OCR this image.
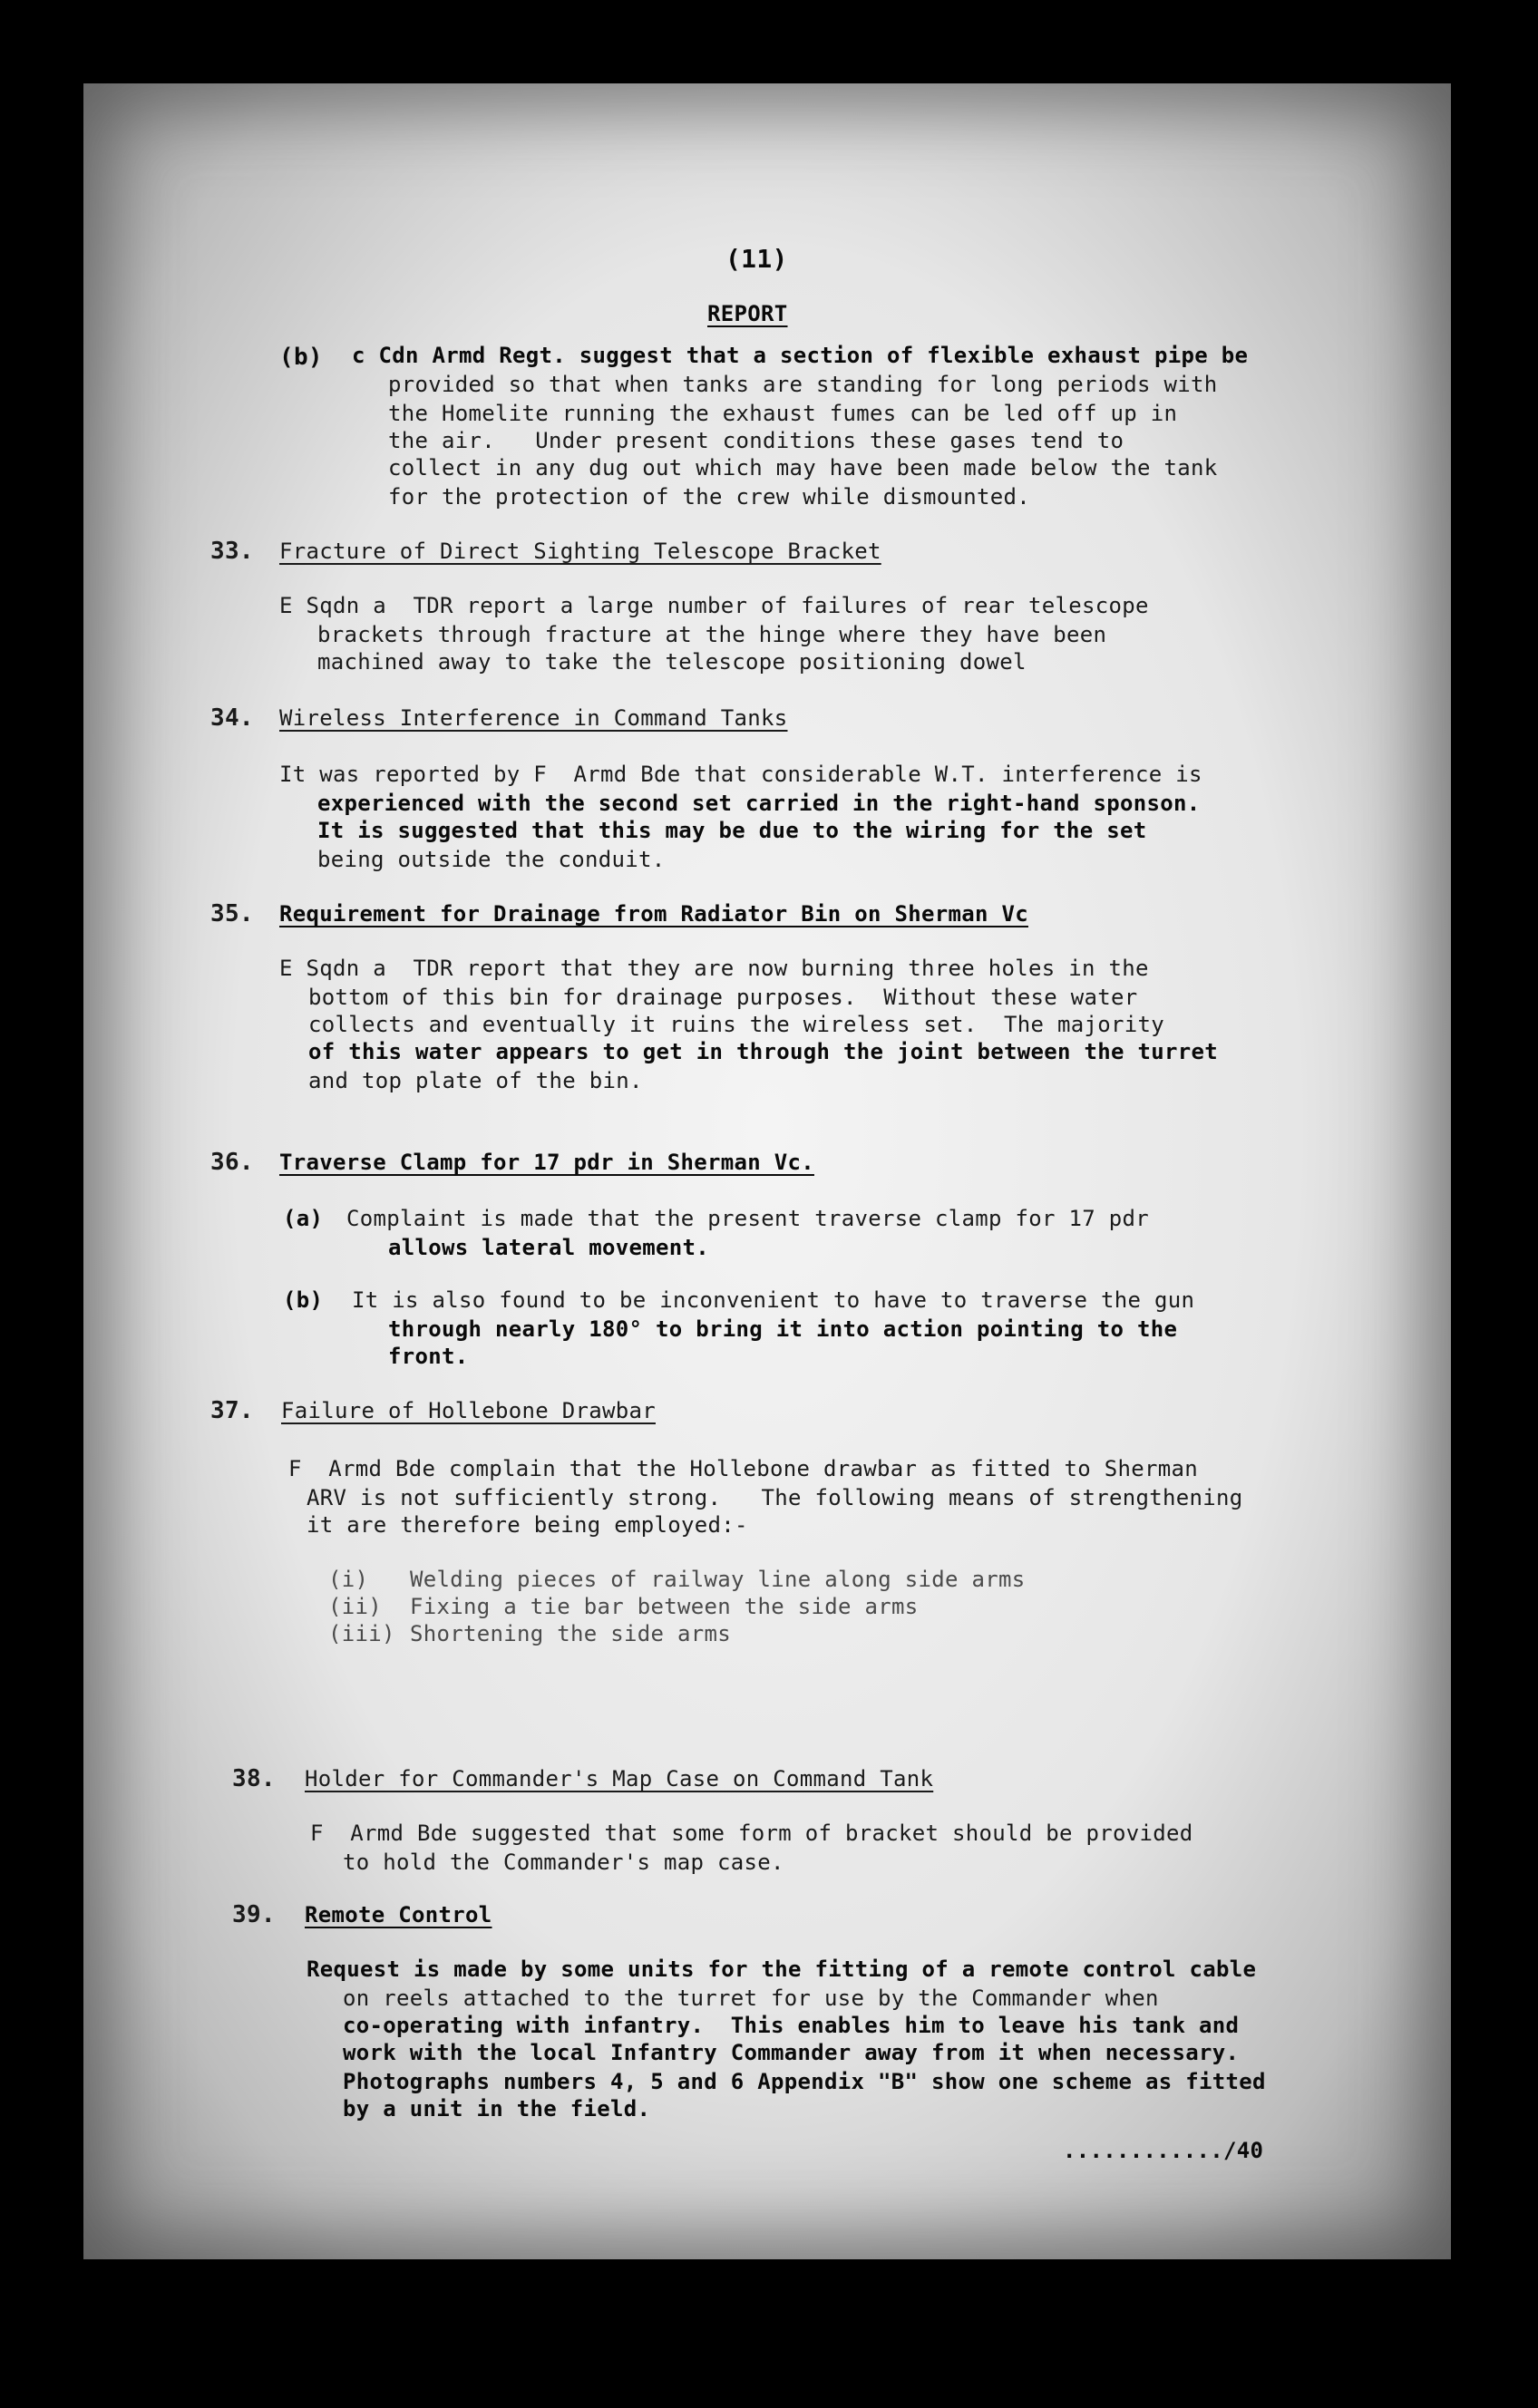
(11)
REPORT
(b) c Cdn Armd Regt. suggest that a section of flexible exhaust pipe be
provided so that when tanks are standing for long periods with
the Homelite running the exhaust fumes can be led off up in
the air.   Under present conditions these gases tend to
collect in any dug out which may have been made below the tank
for the protection of the crew while dismounted.
33. Fracture of Direct Sighting Telescope Bracket
E Sqdn a  TDR report a large number of failures of rear telescope
brackets through fracture at the hinge where they have been
machined away to take the telescope positioning dowel
34. Wireless Interference in Command Tanks
It was reported by F  Armd Bde that considerable W.T. interference is
experienced with the second set carried in the right-hand sponson.
It is suggested that this may be due to the wiring for the set
being outside the conduit.
35. Requirement for Drainage from Radiator Bin on Sherman Vc
E Sqdn a  TDR report that they are now burning three holes in the
bottom of this bin for drainage purposes.  Without these water
collects and eventually it ruins the wireless set.  The majority
of this water appears to get in through the joint between the turret
and top plate of the bin.
36. Traverse Clamp for 17 pdr in Sherman Vc.
(a) Complaint is made that the present traverse clamp for 17 pdr
allows lateral movement.
(b) It is also found to be inconvenient to have to traverse the gun
through nearly 180° to bring it into action pointing to the
front.
37. Failure of Hollebone Drawbar
F  Armd Bde complain that the Hollebone drawbar as fitted to Sherman
ARV is not sufficiently strong.   The following means of strengthening
it are therefore being employed:-
(i) Welding pieces of railway line along side arms
(ii) Fixing a tie bar between the side arms
(iii) Shortening the side arms
38. Holder for Commander's Map Case on Command Tank
F  Armd Bde suggested that some form of bracket should be provided
to hold the Commander's map case.
39. Remote Control
Request is made by some units for the fitting of a remote control cable
on reels attached to the turret for use by the Commander when
co-operating with infantry.  This enables him to leave his tank and
work with the local Infantry Commander away from it when necessary.
Photographs numbers 4, 5 and 6 Appendix "B" show one scheme as fitted
by a unit in the field.
............/40
